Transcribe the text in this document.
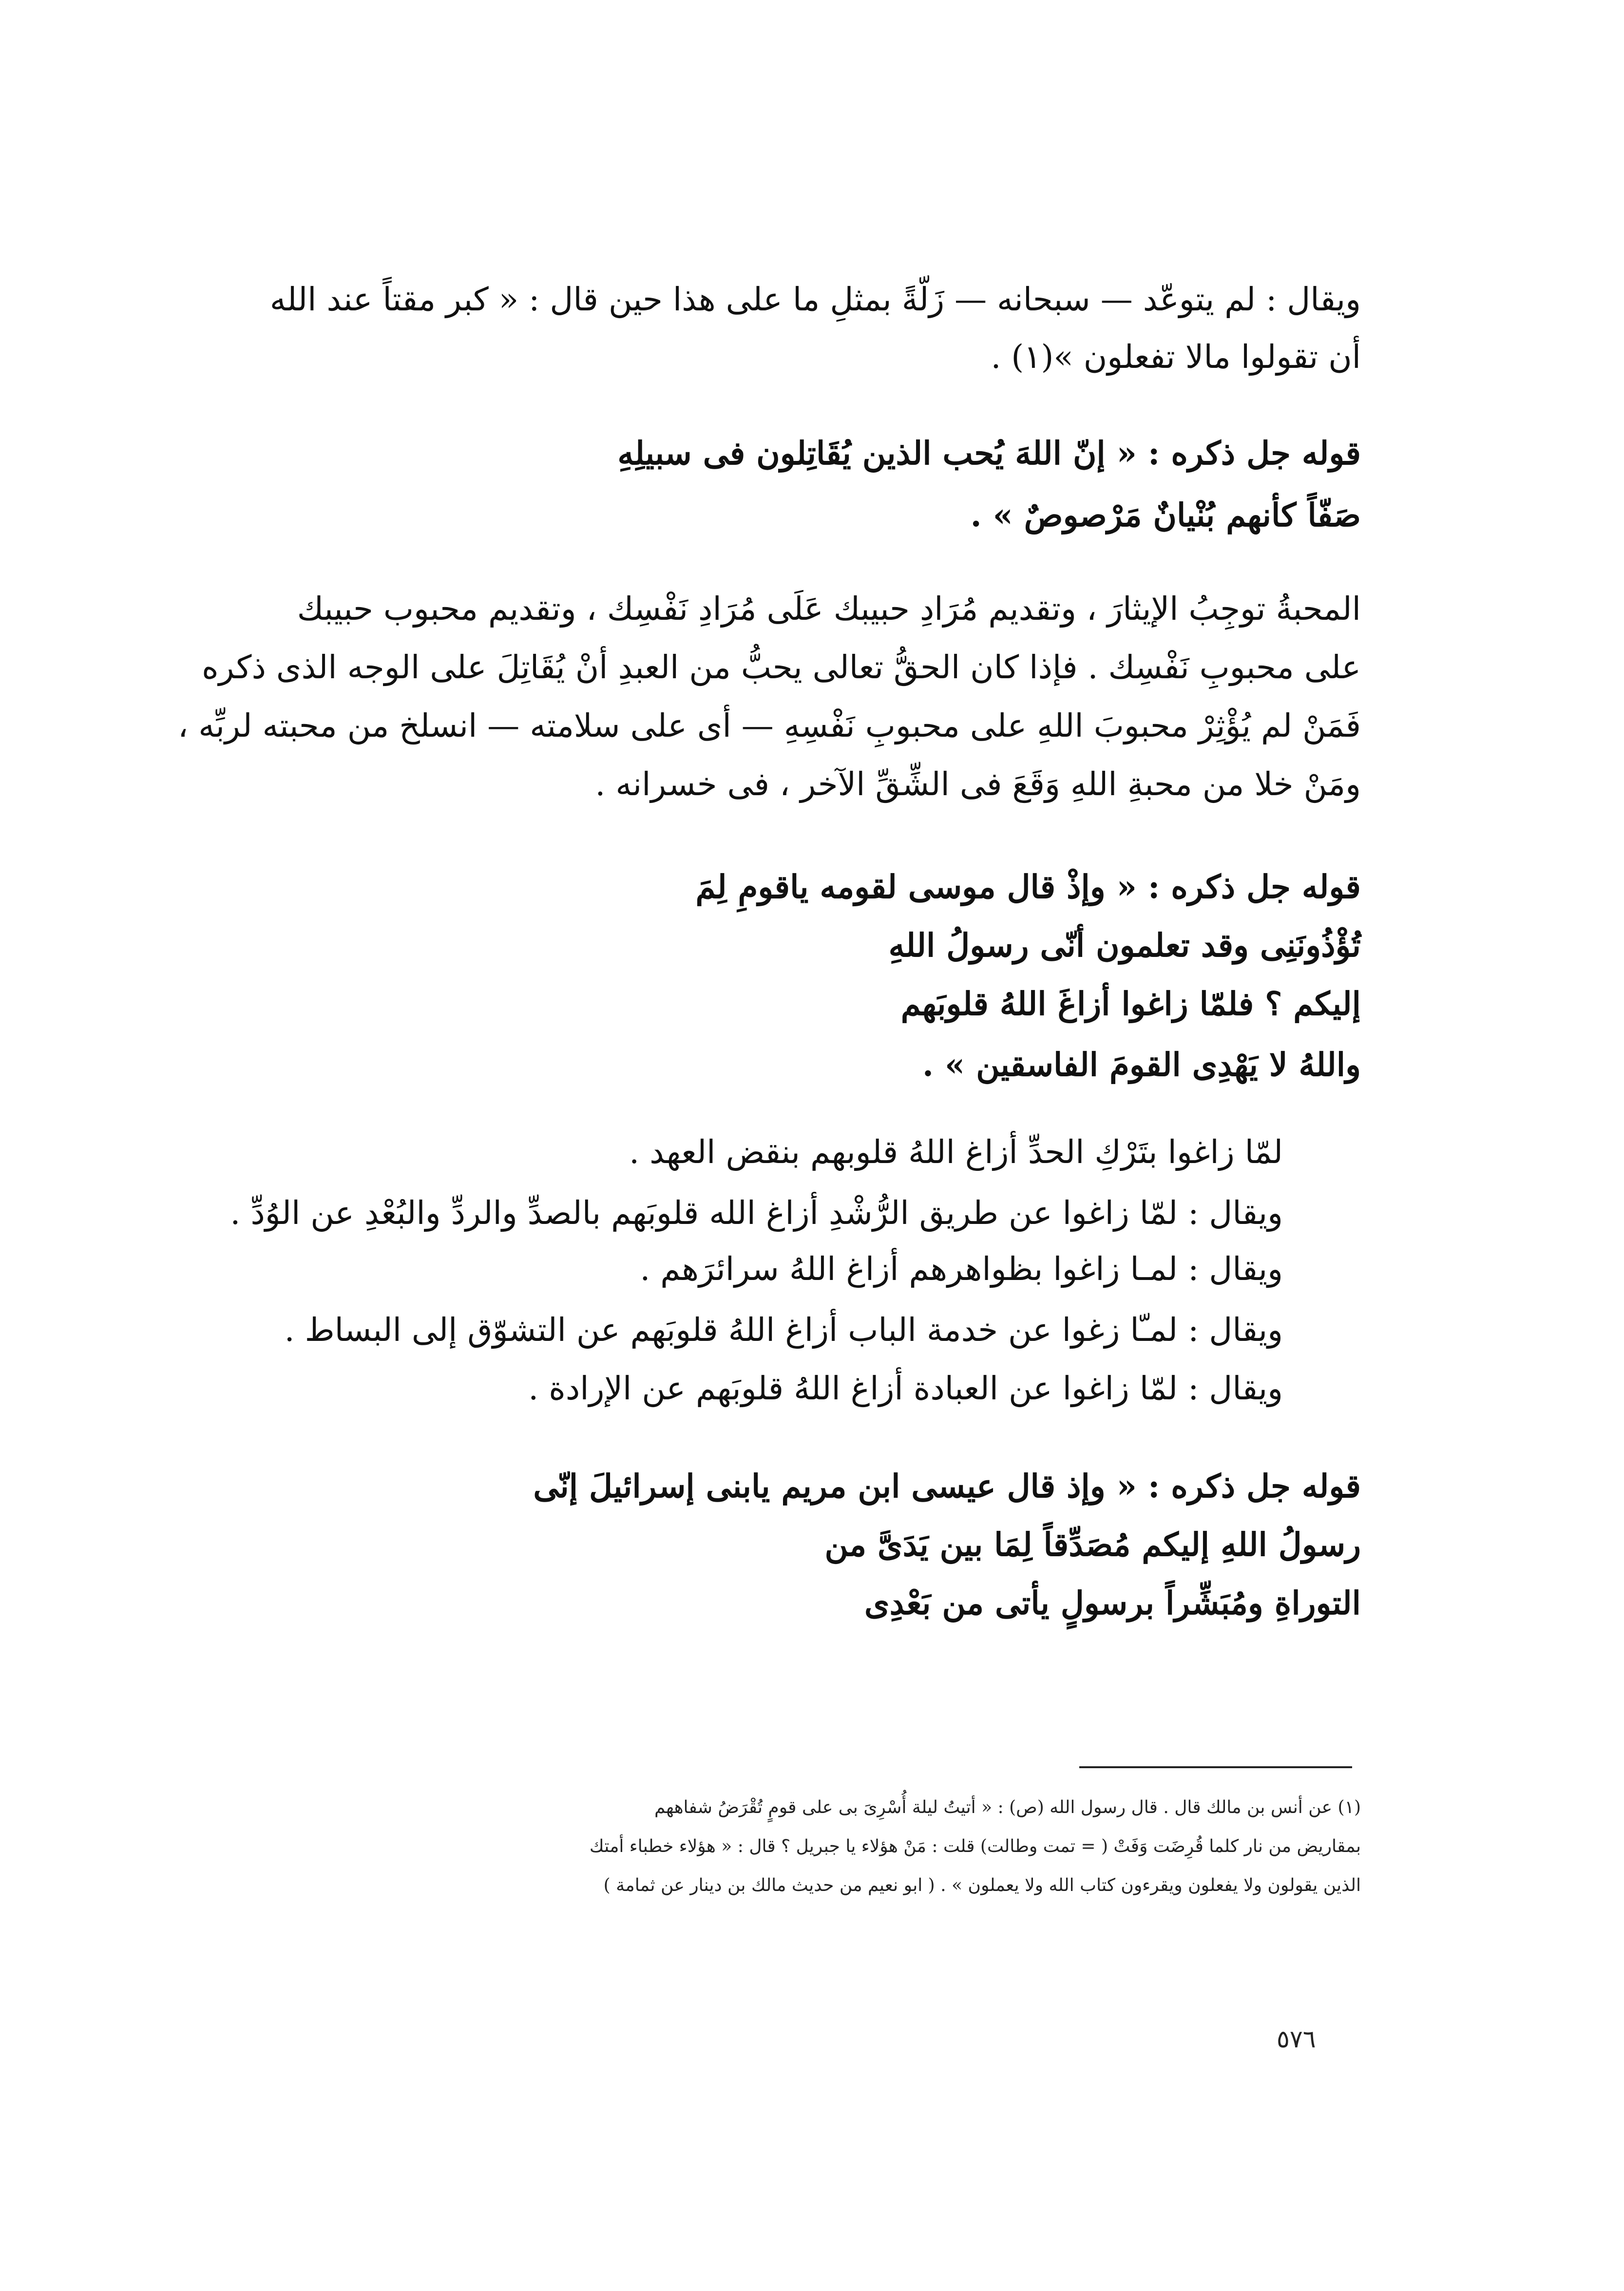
ويقال : لم يتوعّد — سبحانه — زَلّةً بمثلِ ما على هذا حين قال : « كبر مقتاً عند الله
أن تقولوا مالا تفعلون »(١) .
قوله جل ذكره : « إنّ اللهَ يُحب الذين يُقَاتِلون فى سبيلِهِ
صَفّاً كأنهم بُنْيانٌ مَرْصوصٌ » .
المحبةُ توجِبُ الإيثارَ ، وتقديم مُرَادِ حبيبك عَلَى مُرَادِ نَفْسِك ، وتقديم محبوب حبيبك
على محبوبِ نَفْسِك . فإذا كان الحقُّ تعالى يحبُّ من العبدِ أنْ يُقَاتِلَ على الوجه الذى ذكره
فَمَنْ لم يُؤْثِرْ محبوبَ اللهِ على محبوبِ نَفْسِهِ — أى على سلامته — انسلخ من محبته لربِّه ،
ومَنْ خلا من محبةِ اللهِ وَقَعَ فى الشِّقِّ الآخر ، فى خسرانه .
قوله جل ذكره : « وإذْ قال موسى لقومه ياقومِ لِمَ
تُؤْذُونَنِى وقد تعلمون أنّى رسولُ اللهِ
إليكم ؟ فلمّا زاغوا أزاغَ اللهُ قلوبَهم
واللهُ لا يَهْدِى القومَ الفاسقين » .
لمّا زاغوا بتَرْكِ الحدِّ أزاغ اللهُ قلوبهم بنقض العهد .
ويقال : لمّا زاغوا عن طريق الرُّشْدِ أزاغ الله قلوبَهم بالصدِّ والردِّ والبُعْدِ عن الوُدِّ .
ويقال : لمـا زاغوا بظواهرهم أزاغ اللهُ سرائرَهم .
ويقال : لمـّا زغوا عن خدمة الباب أزاغ اللهُ قلوبَهم عن التشوّق إلى البساط .
ويقال : لمّا زاغوا عن العبادة أزاغ اللهُ قلوبَهم عن الإرادة .
قوله جل ذكره : « وإذ قال عيسى ابن مريم يابنى إسرائيلَ إنّى
رسولُ اللهِ إليكم مُصَدِّقاً لِمَا بين يَدَىَّ من
التوراةِ ومُبَشِّراً برسولٍ يأتى من بَعْدِى
(١) عن أنس بن مالك قال . قال رسول الله (ص) : « أتيتُ ليلة أُسْرِىَ بى على قومٍ تُقْرَضُ شفاههم
بمقاريض من نار كلما قُرِضَت وَفَتْ ( = تمت وطالت) قلت : مَنْ هؤلاء يا جبريل ؟ قال : « هؤلاء خطباء أمتك
الذين يقولون ولا يفعلون ويقرءون كتاب الله ولا يعملون » . ( ابو نعيم من حديث مالك بن دينار عن ثمامة )
٥٧٦
